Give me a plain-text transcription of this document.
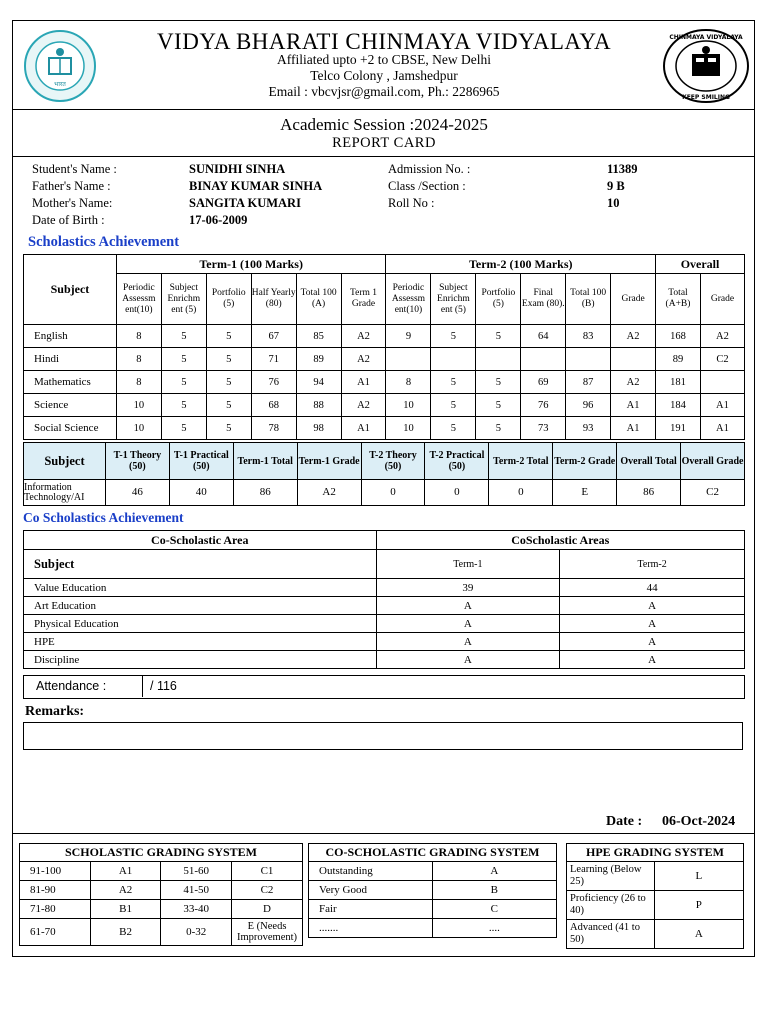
भारत
CHINMAYA VIDYALAYA
KEEP SMILING
VIDYA BHARATI CHINMAYA VIDYALAYA
Affiliated upto +2 to CBSE, New Delhi
Telco Colony , Jamshedpur
Email : vbcvjsr@gmail.com, Ph.: 2286965
Academic Session :2024-2025
REPORT CARD
Student's Name :	SUNIDHI SINHA
Father's Name :	BINAY KUMAR SINHA
Mother's Name:	SANGITA KUMARI
Date of Birth :	17-06-2009
Admission No. :	11389
Class /Section :	9 B
Roll No :	10
Scholastics Achievement
Subject	Term-1 (100 Marks)						Term-2 (100 Marks)						Overall	
	Periodic Assessm ent(10)	Subject Enrichm ent (5)	Portfolio (5)	Half Yearly (80)	Total 100 (A)	Term 1 Grade	Periodic Assessm ent(10)	Subject Enrichm ent (5)	Portfolio (5)	Final Exam (80).	Total 100 (B)	Grade	Total (A+B)	Grade
English	8	5	5	67	85	A2	9	5	5	64	83	A2	168	A2
Hindi	8	5	5	71	89	A2							89	C2
Mathematics	8	5	5	76	94	A1	8	5	5	69	87	A2	181	
Science	10	5	5	68	88	A2	10	5	5	76	96	A1	184	A1
Social Science	10	5	5	78	98	A1	10	5	5	73	93	A1	191	A1
Subject	T-1 Theory (50)	T-1 Practical (50)	Term-1 Total	Term-1 Grade	T-2 Theory (50)	T-2 Practical (50)	Term-2 Total	Term-2 Grade	Overall Total	Overall Grade
Information Technology/AI	46	40	86	A2	0	0	0	E	86	C2
Co Scholastics Achievement
Co-Scholastic Area	CoScholastic Areas	
Subject	Term-1	Term-2
Value Education	39	44
Art Education	A	A
Physical Education	A	A
HPE	A	A
Discipline	A	A
Attendance :	/ 116
Remarks:
Date : 06-Oct-2024
SCHOLASTIC GRADING SYSTEM			
91-100	A1	51-60	C1
81-90	A2	41-50	C2
71-80	B1	33-40	D
61-70	B2	0-32	E (Needs Improvement)
CO-SCHOLASTIC GRADING SYSTEM	
Outstanding	A
Very Good	B
Fair	C
.......	....
HPE GRADING SYSTEM	
Learning (Below 25)	L
Proficiency (26 to 40)	P
Advanced (41 to 50)	A
